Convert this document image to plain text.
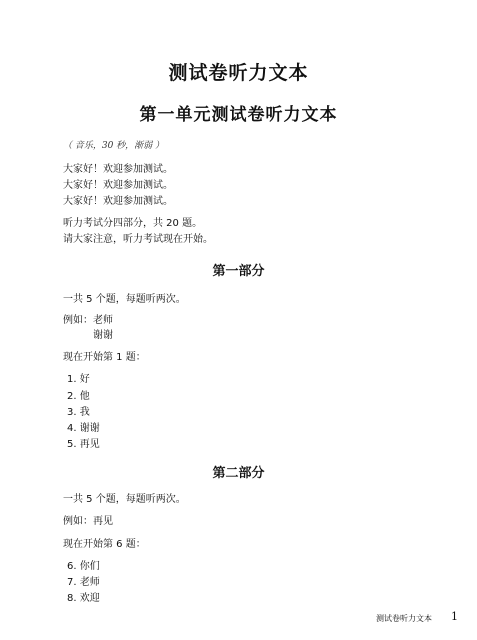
测试卷听力文本
第一单元测试卷听力文本
（ 音乐，30 秒，渐弱 ）
大家好！欢迎参加测试。
大家好！欢迎参加测试。
大家好！欢迎参加测试。
听力考试分四部分，共 20 题。
请大家注意，听力考试现在开始。
第一部分
一共 5 个题，每题听两次。
例如：老师
谢谢
现在开始第 1 题：
1. 好
2. 他
3. 我
4. 谢谢
5. 再见
第二部分
一共 5 个题，每题听两次。
例如：再见
现在开始第 6 题：
6. 你们
7. 老师
8. 欢迎
测试卷听力文本 1
